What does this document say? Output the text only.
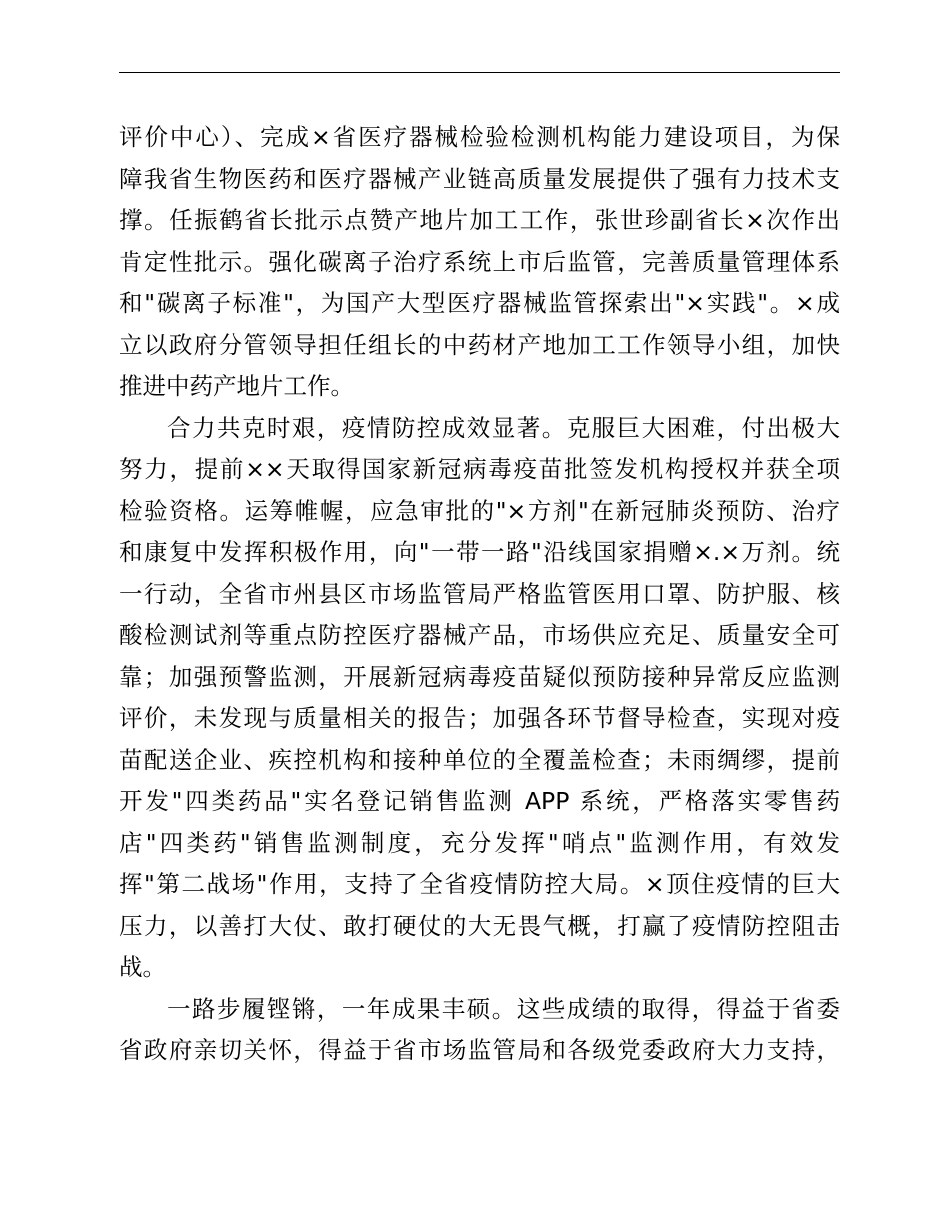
评价中心）、完成×省医疗器械检验检测机构能力建设项目，为保
障我省生物医药和医疗器械产业链高质量发展提供了强有力技术支
撑。任振鹤省长批示点赞产地片加工工作，张世珍副省长×次作出
肯定性批示。强化碳离子治疗系统上市后监管，完善质量管理体系
和"碳离子标准"，为国产大型医疗器械监管探索出"×实践"。×成
立以政府分管领导担任组长的中药材产地加工工作领导小组，加快
推进中药产地片工作。
合力共克时艰，疫情防控成效显著。克服巨大困难，付出极大
努力，提前××天取得国家新冠病毒疫苗批签发机构授权并获全项
检验资格。运筹帷幄，应急审批的"×方剂"在新冠肺炎预防、治疗
和康复中发挥积极作用，向"一带一路"沿线国家捐赠×.×万剂。统
一行动，全省市州县区市场监管局严格监管医用口罩、防护服、核
酸检测试剂等重点防控医疗器械产品，市场供应充足、质量安全可
靠；加强预警监测，开展新冠病毒疫苗疑似预防接种异常反应监测
评价，未发现与质量相关的报告；加强各环节督导检查，实现对疫
苗配送企业、疾控机构和接种单位的全覆盖检查；未雨绸缪，提前
开发"四类药品"实名登记销售监测 APP 系统，严格落实零售药
店"四类药"销售监测制度，充分发挥"哨点"监测作用，有效发
挥"第二战场"作用，支持了全省疫情防控大局。×顶住疫情的巨大
压力，以善打大仗、敢打硬仗的大无畏气概，打赢了疫情防控阻击
战。
一路步履铿锵，一年成果丰硕。这些成绩的取得，得益于省委
省政府亲切关怀，得益于省市场监管局和各级党委政府大力支持，
